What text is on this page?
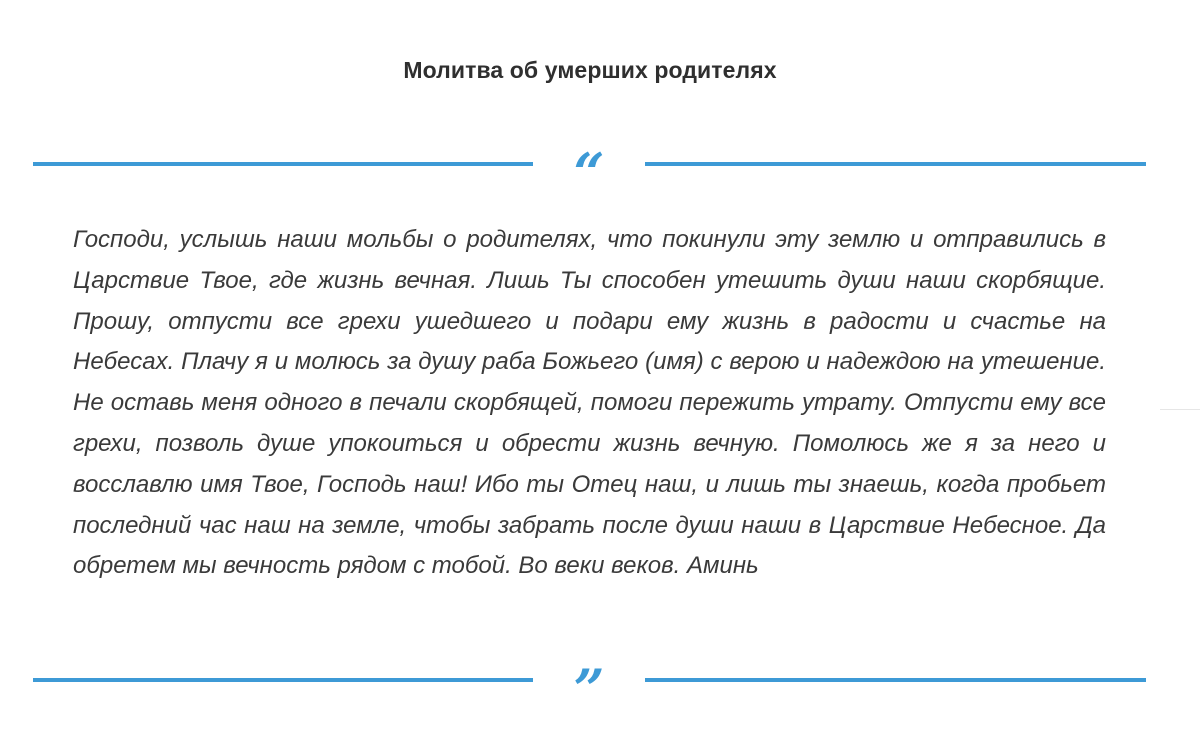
Молитва об умерших родителях
“

Господи, услышь наши мольбы о родителях, что покинули эту землю и отправились в Царствие Твое, где жизнь вечная. Лишь Ты способен утешить души наши скорбящие. Прошу, отпусти все грехи ушедшего и подари ему жизнь в радости и счастье на Небесах. Плачу я и молюсь за душу раба Божьего (имя) с верою и надеждою на утешение. Не оставь меня одного в печали скорбящей, помоги пережить утрату. Отпусти ему все грехи, позволь душе упокоиться и обрести жизнь вечную. Помолюсь же я за него и восславлю имя Твое, Господь наш! Ибо ты Отец наш, и лишь ты знаешь, когда пробьет последний час наш на земле, чтобы забрать после души наши в Царствие Небесное. Да обретем мы вечность рядом с тобой. Во веки веков. Аминь

”
